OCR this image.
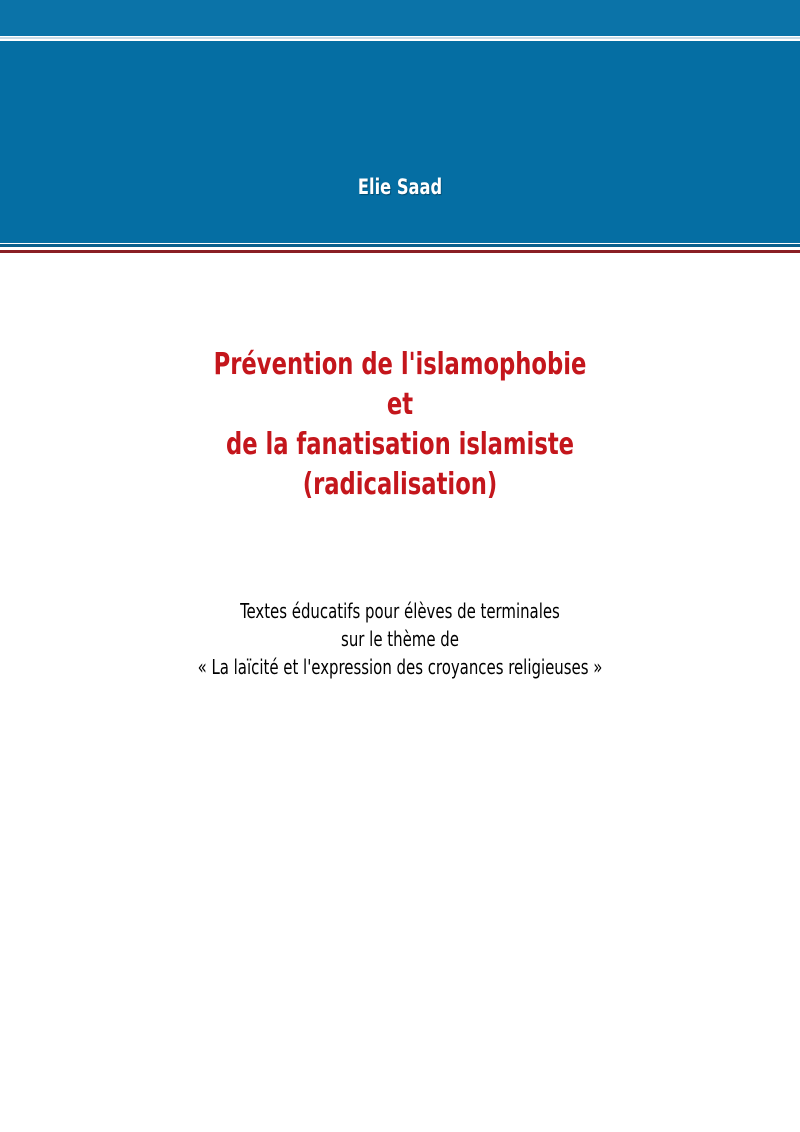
Elie Saad
Prévention de l'islamophobie
et
de la fanatisation islamiste
(radicalisation)
Textes éducatifs pour élèves de terminales
sur le thème de
« La laïcité et l'expression des croyances religieuses »
